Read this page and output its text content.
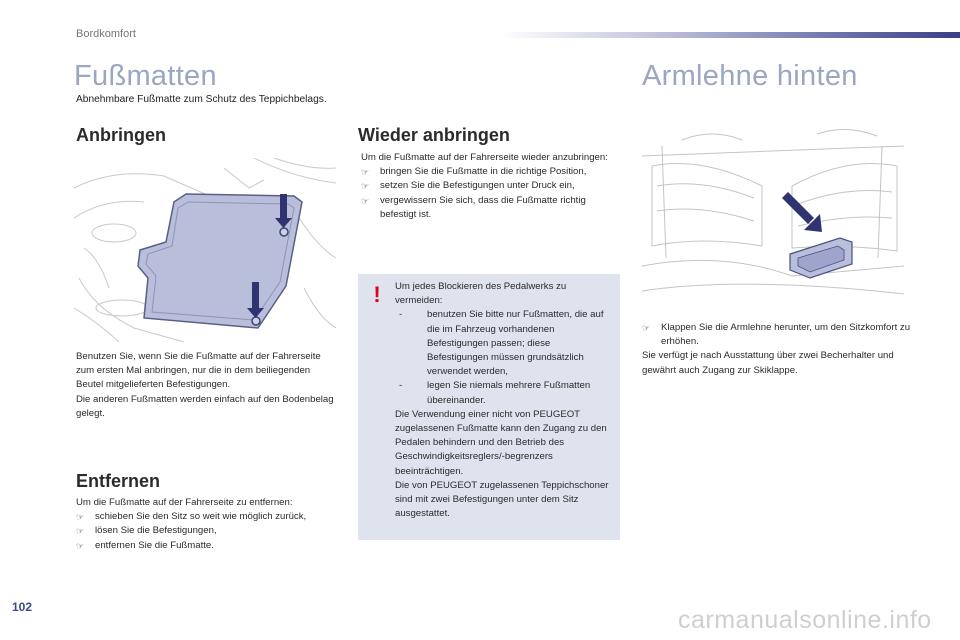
Bordkomfort
Fußmatten
Abnehmbare Fußmatte zum Schutz des Teppichbelags.
Anbringen

Benutzen Sie, wenn Sie die Fußmatte auf der Fahrerseite zum ersten Mal anbringen, nur die in dem beiliegenden Beutel mitgelieferten Befestigungen.

Die anderen Fußmatten werden einfach auf den Bodenbelag gelegt.

Entfernen

Um die Fußmatte auf der Fahrerseite zu entfernen:

☞ schieben Sie den Sitz so weit wie möglich zurück,
☞ lösen Sie die Befestigungen,
☞ entfernen Sie die Fußmatte.
Wieder anbringen

Um die Fußmatte auf der Fahrerseite wieder anzubringen:

☞ bringen Sie die Fußmatte in die richtige Position,
☞ setzen Sie die Befestigungen unter Druck ein,
☞ vergewissern Sie sich, dass die Fußmatte richtig befestigt ist.
! Um jedes Blockieren des Pedalwerks zu vermeiden:

- benutzen Sie bitte nur Fußmatten, die auf die im Fahrzeug vorhandenen Befestigungen passen; diese Befestigungen müssen grundsätzlich verwendet werden,
- legen Sie niemals mehrere Fußmatten übereinander.

Die Verwendung einer nicht von PEUGEOT zugelassenen Fußmatte kann den Zugang zu den Pedalen behindern und den Betrieb des Geschwindigkeitsreglers/-begrenzers beeinträchtigen.

Die von PEUGEOT zugelassenen Teppichschoner sind mit zwei Befestigungen unter dem Sitz ausgestattet.

Armlehne hinten
☞ Klappen Sie die Armlehne herunter, um den Sitzkomfort zu erhöhen.

Sie verfügt je nach Ausstattung über zwei Becherhalter und gewährt auch Zugang zur Skiklappe.

102	carmanualsonline.info
